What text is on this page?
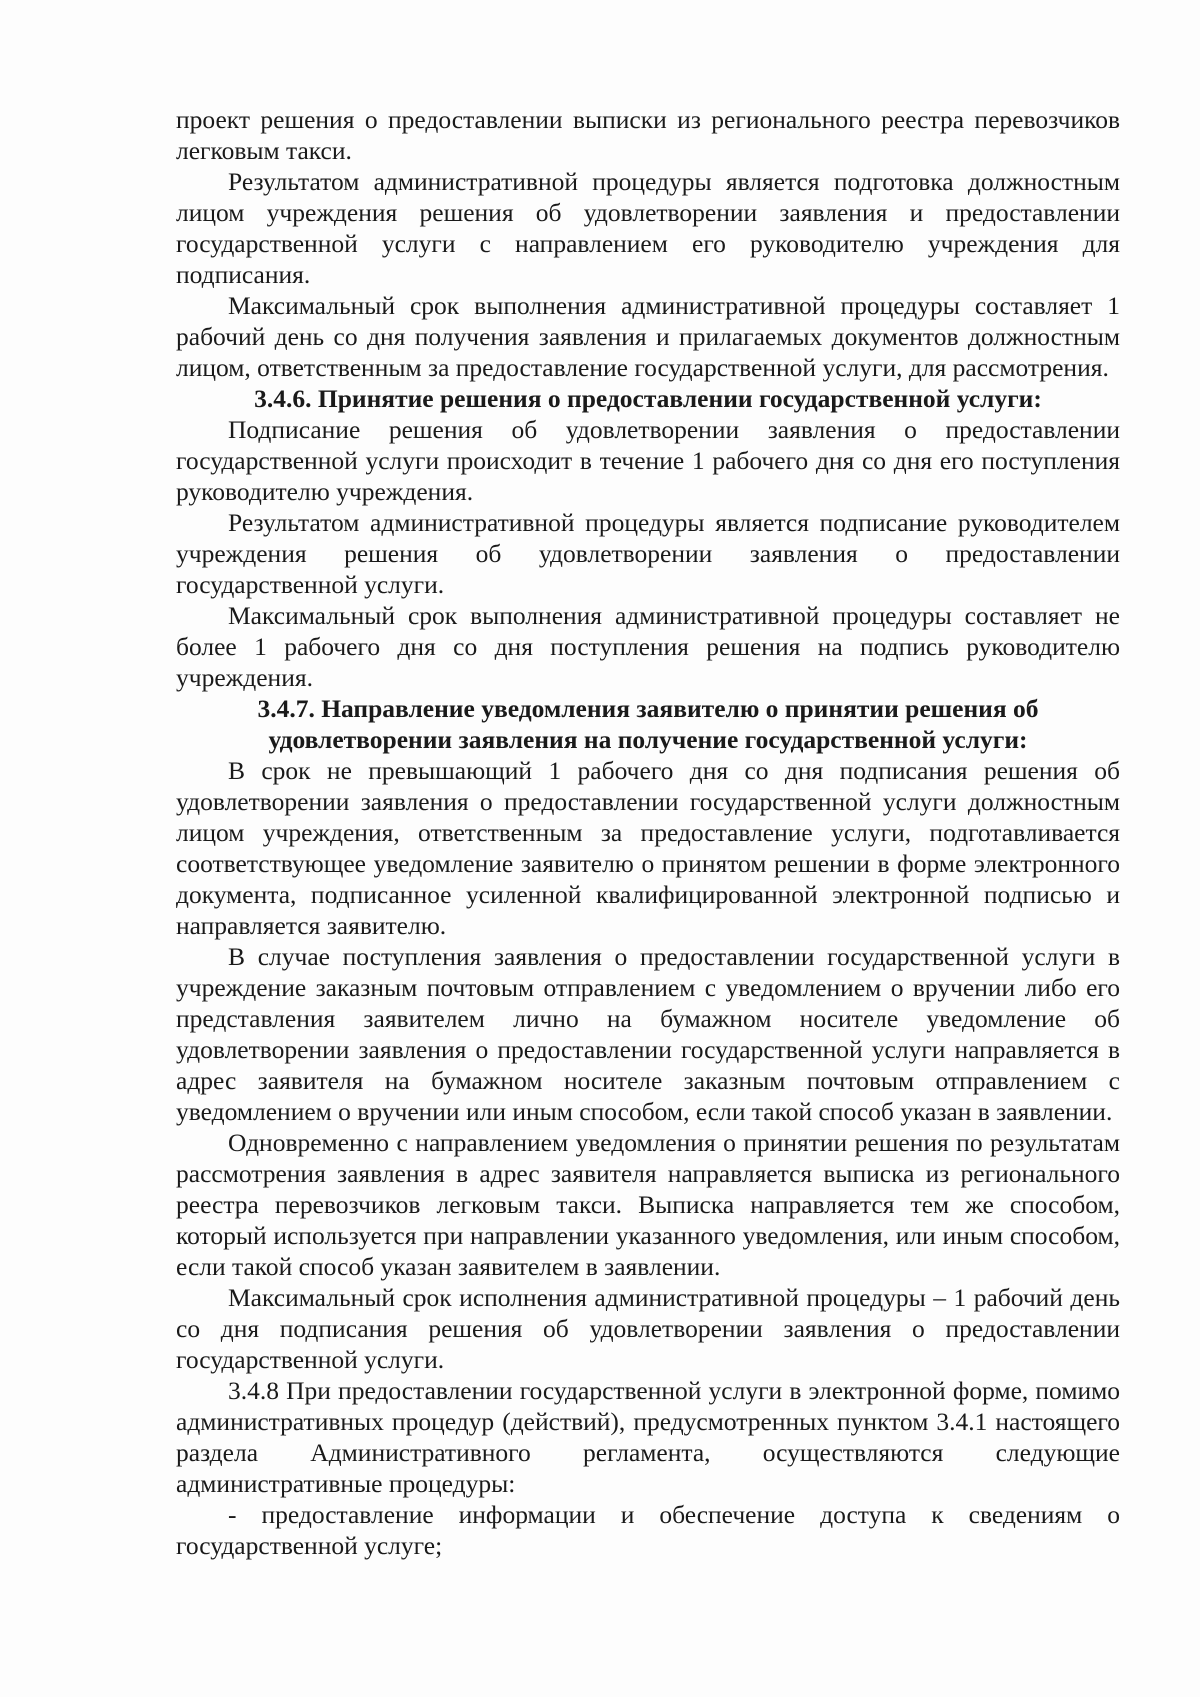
проект решения о предоставлении выписки из регионального реестра перевозчиков легковым такси.

Результатом административной процедуры является подготовка должностным лицом учреждения решения об удовлетворении заявления и предоставлении государственной услуги с направлением его руководителю учреждения для подписания.

Максимальный срок выполнения административной процедуры составляет 1 рабочий день со дня получения заявления и прилагаемых документов должностным лицом, ответственным за предоставление государственной услуги, для рассмотрения.

3.4.6. Принятие решения о предоставлении государственной услуги:

Подписание решения об удовлетворении заявления о предоставлении государственной услуги происходит в течение 1 рабочего дня со дня его поступления руководителю учреждения.

Результатом административной процедуры является подписание руководителем учреждения решения об удовлетворении заявления о предоставлении государственной услуги.

Максимальный срок выполнения административной процедуры составляет не более 1 рабочего дня со дня поступления решения на подпись руководителю учреждения.

3.4.7. Направление уведомления заявителю о принятии решения об удовлетворении заявления на получение государственной услуги:

В срок не превышающий 1 рабочего дня со дня подписания решения об удовлетворении заявления о предоставлении государственной услуги должностным лицом учреждения, ответственным за предоставление услуги, подготавливается соответствующее уведомление заявителю о принятом решении в форме электронного документа, подписанное усиленной квалифицированной электронной подписью и направляется заявителю.

В случае поступления заявления о предоставлении государственной услуги в учреждение заказным почтовым отправлением с уведомлением о вручении либо его представления заявителем лично на бумажном носителе уведомление об удовлетворении заявления о предоставлении государственной услуги направляется в адрес заявителя на бумажном носителе заказным почтовым отправлением с уведомлением о вручении или иным способом, если такой способ указан в заявлении.

Одновременно с направлением уведомления о принятии решения по результатам рассмотрения заявления в адрес заявителя направляется выписка из регионального реестра перевозчиков легковым такси. Выписка направляется тем же способом, который используется при направлении указанного уведомления, или иным способом, если такой способ указан заявителем в заявлении.

Максимальный срок исполнения административной процедуры – 1 рабочий день со дня подписания решения об удовлетворении заявления о предоставлении государственной услуги.

3.4.8 При предоставлении государственной услуги в электронной форме, помимо административных процедур (действий), предусмотренных пунктом 3.4.1 настоящего раздела Административного регламента, осуществляются следующие административные процедуры:

- предоставление информации и обеспечение доступа к сведениям о государственной услуге;
